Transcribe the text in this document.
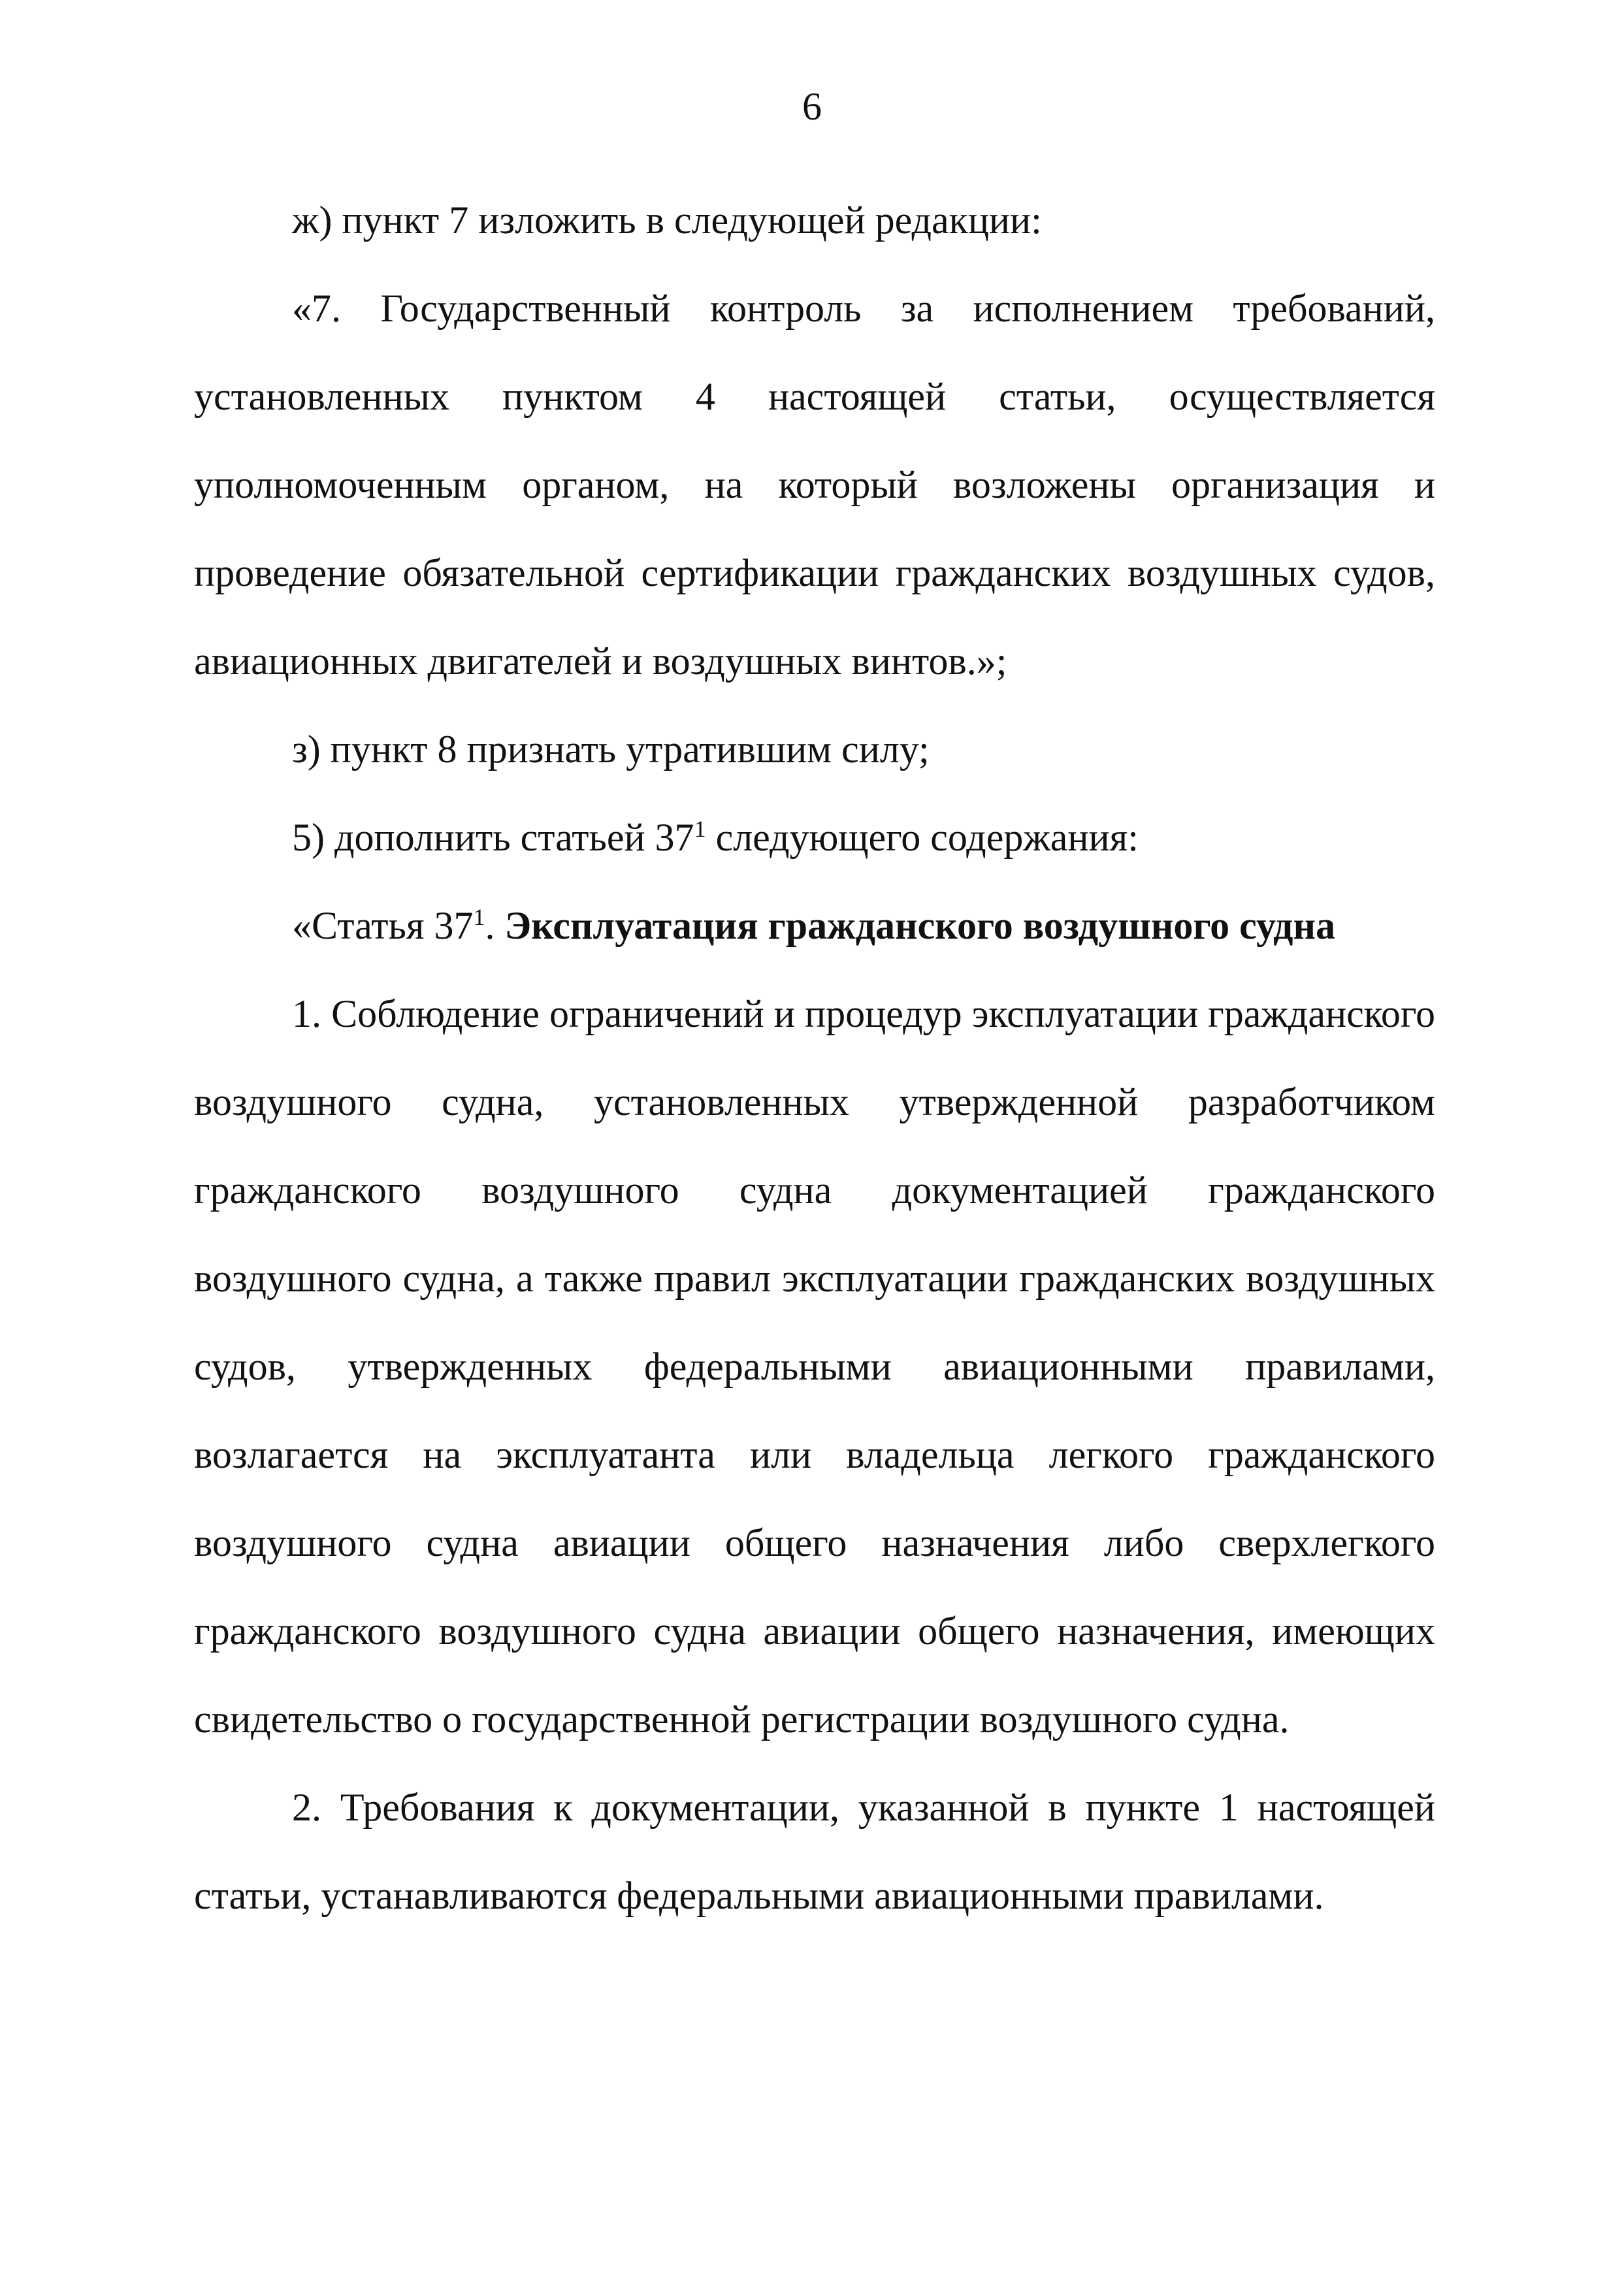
6

ж) пункт 7 изложить в следующей редакции:

«7. Государственный контроль за исполнением требований, установленных пунктом 4 настоящей статьи, осуществляется уполномоченным органом, на который возложены организация и проведение обязательной сертификации гражданских воздушных судов, авиационных двигателей и воздушных винтов.»;

з) пункт 8 признать утратившим силу;

5) дополнить статьей $37^1$ следующего содержания:

«Статья $37^1$. Эксплуатация гражданского воздушного судна

1. Соблюдение ограничений и процедур эксплуатации гражданского воздушного судна, установленных утвержденной разработчиком гражданского воздушного судна документацией гражданского воздушного судна, а также правил эксплуатации гражданских воздушных судов, утвержденных федеральными авиационными правилами, возлагается на эксплуатанта или владельца легкого гражданского воздушного судна авиации общего назначения либо сверхлегкого гражданского воздушного судна авиации общего назначения, имеющих свидетельство о государственной регистрации воздушного судна.

2. Требования к документации, указанной в пункте 1 настоящей статьи, устанавливаются федеральными авиационными правилами.
